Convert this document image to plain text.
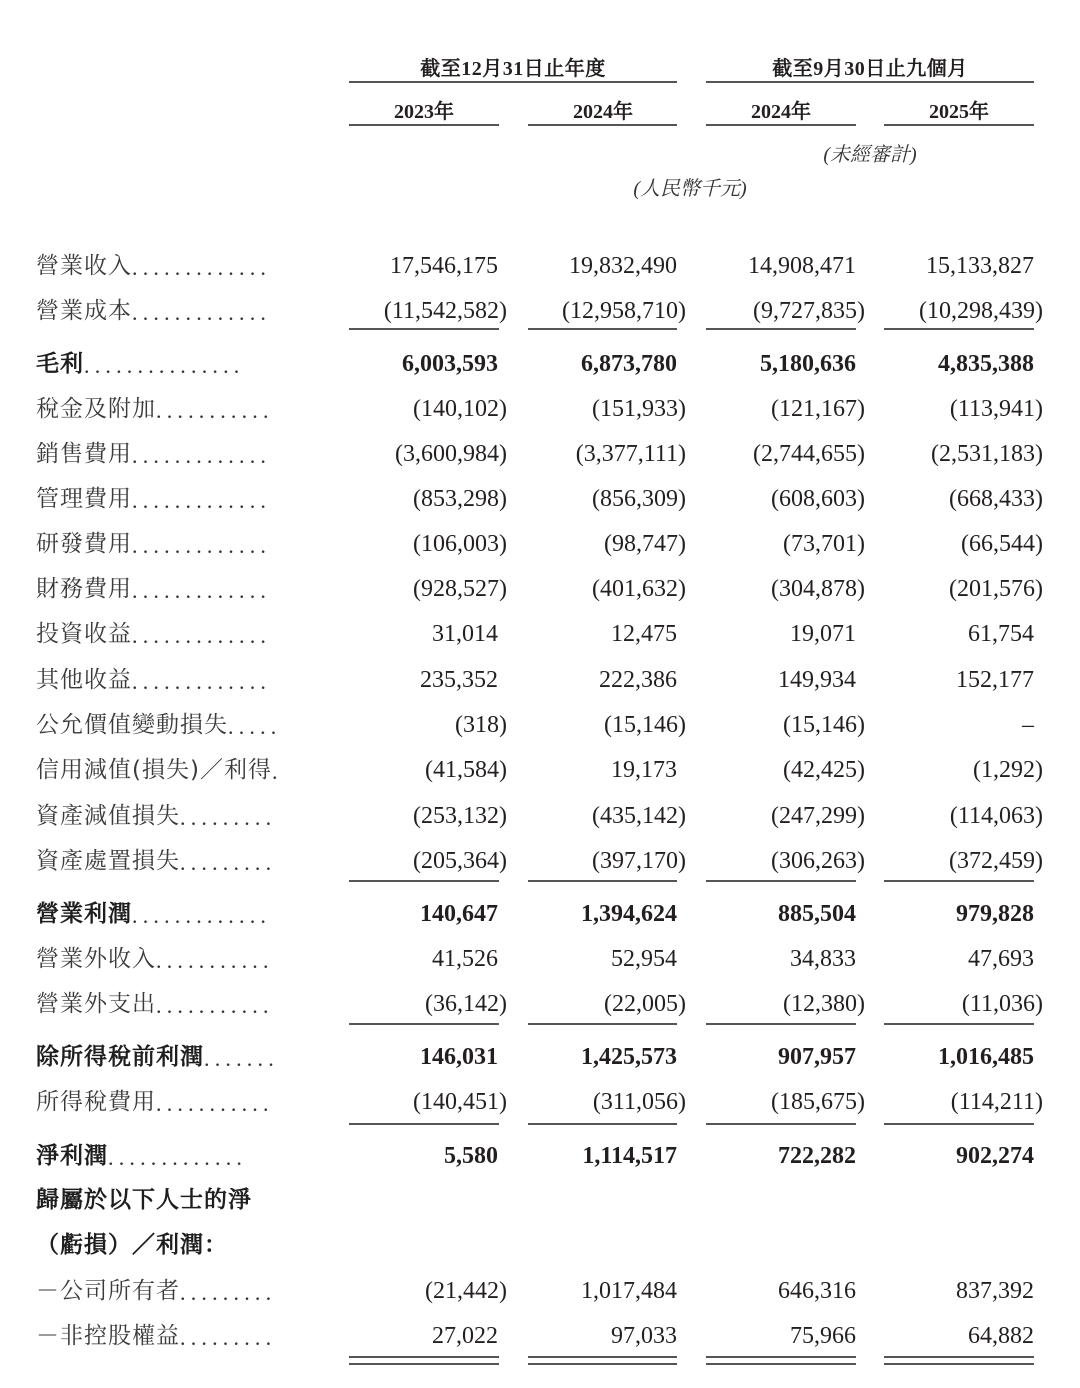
截至12月31日止年度	截至9月30日止九個月
2023年	2024年	2024年	2025年
(未經審計)
(人民幣千元)
營業收入 .............	17,546,175	19,832,490	14,908,471	15,133,827
營業成本 .............	(11,542,582) (12,958,710)	(9,727,835) (10,298,439)
毛利 ...............	6,003,593	6,873,780	5,180,636	4,835,388
稅金及附加 ...........	(140,102)	(151,933)	(121,167)	(113,941)
銷售費用 .............	(3,600,984)	(3,377,111)	(2,744,655)	(2,531,183)
管理費用 .............	(853,298)	(856,309)	(608,603)	(668,433)
研發費用 .............	(106,003)	(98,747)	(73,701)	(66,544)
財務費用 .............	(928,527)	(401,632)	(304,878)	(201,576)
投資收益 .............	31,014	12,475	19,071	61,754
其他收益 .............	235,352	222,386	149,934	152,177
公允價值變動損失 .....	(318)	(15,146)	(15,146)	–
信用減值(損失)／利得 .	(41,584)	19,173	(42,425)	(1,292)
資產減值損失 .........	(253,132)	(435,142)	(247,299)	(114,063)
資產處置損失 .........	(205,364)	(397,170)	(306,263)	(372,459)
營業利潤 .............	140,647	1,394,624	885,504	979,828
營業外收入 ...........	41,526	52,954	34,833	47,693
營業外支出 ...........	(36,142)	(22,005)	(12,380)	(11,036)
除所得稅前利潤 .......	146,031	1,425,573	907,957	1,016,485
所得稅費用 ...........	(140,451)	(311,056)	(185,675)	(114,211)
淨利潤 .............	5,580	1,114,517	722,282	902,274
歸屬於以下人士的淨
（虧損）／利潤：
－公司所有者 .........	(21,442)	1,017,484	646,316	837,392
－非控股權益 .........	27,022	97,033	75,966	64,882
